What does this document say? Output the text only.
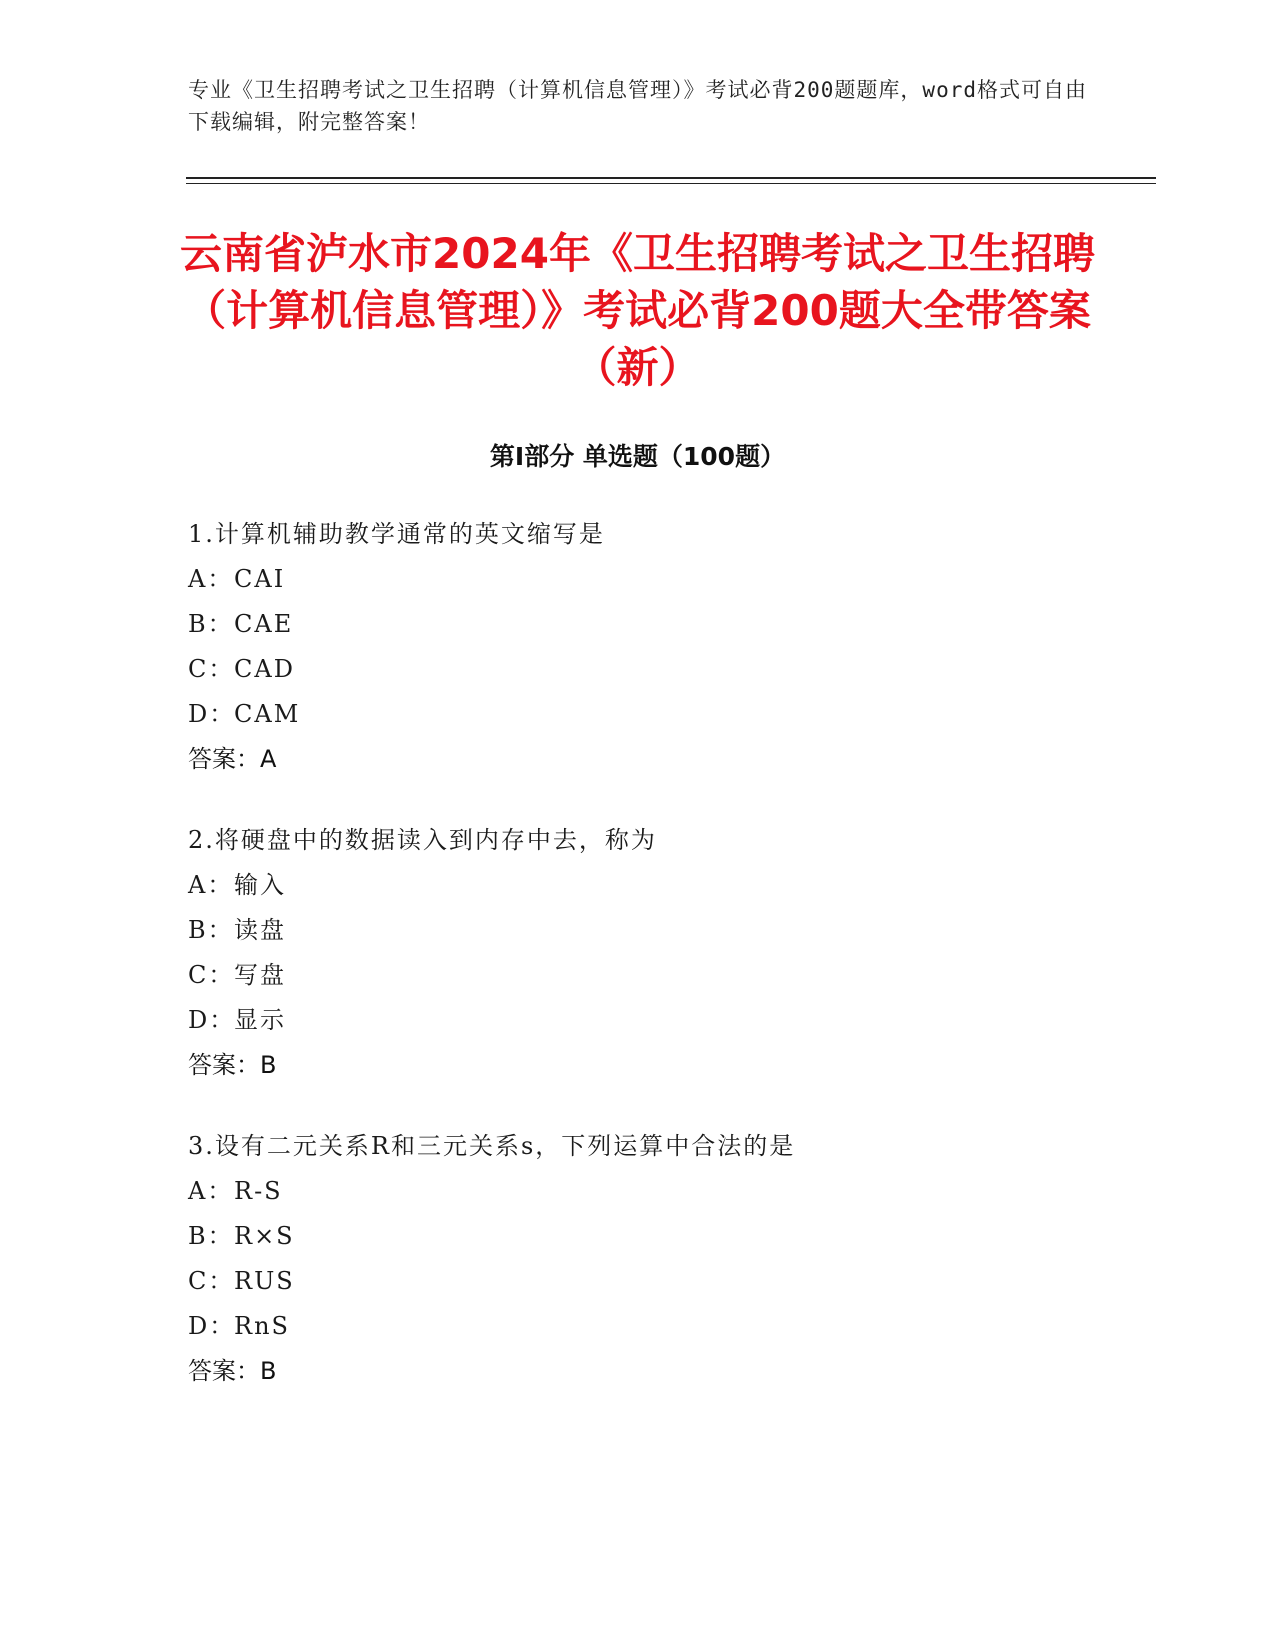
专业《卫生招聘考试之卫生招聘（计算机信息管理）》考试必背200题题库，word格式可自由下载编辑，附完整答案！
云南省泸水市2024年《卫生招聘考试之卫生招聘（计算机信息管理）》考试必背200题大全带答案（新）
第Ⅰ部分 单选题（100题）
1.计算机辅助教学通常的英文缩写是
A：CAI
B：CAE
C：CAD
D：CAM
答案：A
2.将硬盘中的数据读入到内存中去，称为
A：输入
B：读盘
C：写盘
D：显示
答案：B
3.设有二元关系R和三元关系s，下列运算中合法的是
A：R-S
B：R×S
C：RUS
D：RnS
答案：B
